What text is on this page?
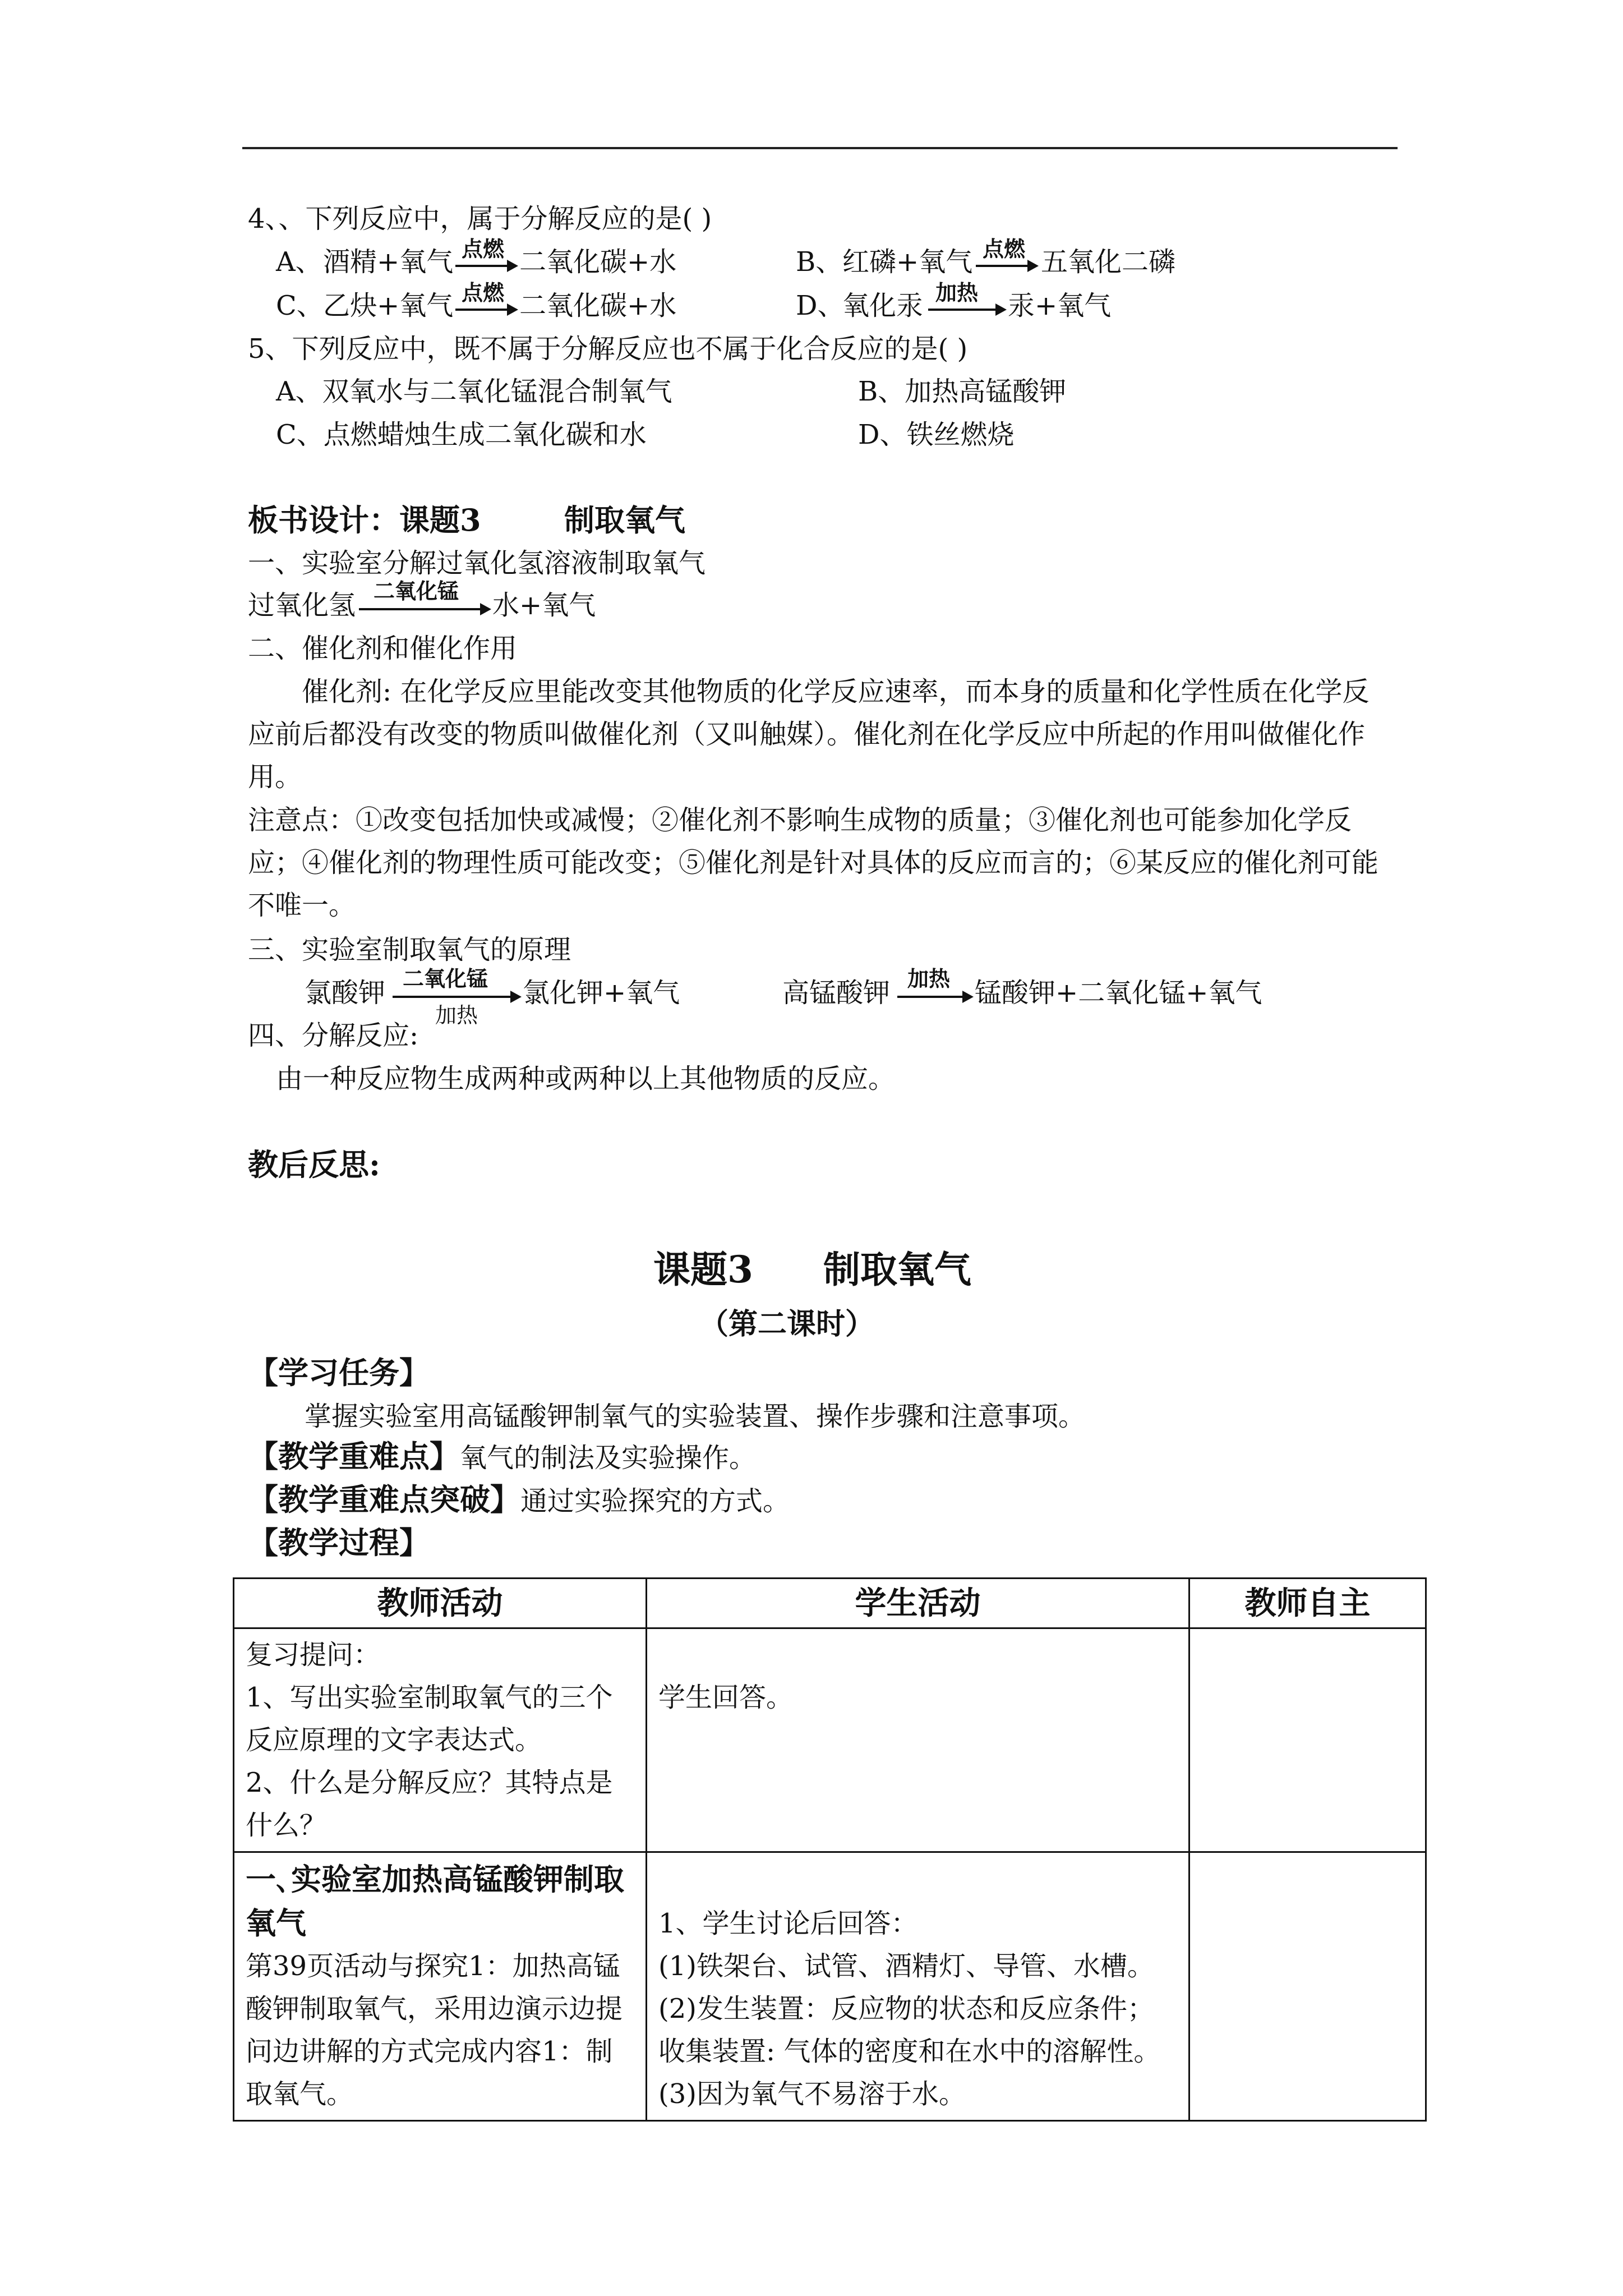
4、、下列反应中，属于分解反应的是( )
A、 酒精+氧气 点燃 二氧化碳+水	B、 红磷+氧气 点燃 五氧化二磷
C、 乙炔+氧气 点燃 二氧化碳+水	D、
氧化汞 加热 汞+氧气
5、下列反应中，既不属于分解反应也不属于化合反应的是( )
A、双氧水与二氧化锰混合制氧气	B、加热高锰酸钾
C、点燃蜡烛生成二氧化碳和水	D、铁丝燃烧
板书设计：课题3	制取氧气
一、实验室分解过氧化氢溶液制取氧气
过氧化氢 二氧化锰 水+氧气
二、催化剂和催化作用
催化剂: 在化学反应里能改变其他物质的化学反应速率，而本身的质量和化学性质在化学反应前后都没有改变的物质叫做催化剂（又叫触媒）。催化剂在化学反应中所起的作用叫做催化作用。
注意点：①改变包括加快或减慢；②催化剂不影响生成物的质量；③催化剂也可能参加化学反应；④催化剂的物理性质可能改变；⑤催化剂是针对具体的反应而言的；⑥某反应的催化剂可能不唯一。
三、实验室制取氧气的原理
氯酸钾 二氧化锰
加热
氯化钾+氧气	高锰酸钾 加热 锰酸钾+二氧化锰+氧气
四、分解反应:
由一种反应物生成两种或两种以上其他物质的反应。
教后反思:
课题3 制取氧气
（第二课时）
【学习任务】
掌握实验室用高锰酸钾制氧气的实验装置、操作步骤和注意事项。
【教学重难点】氧气的制法及实验操作。
【教学重难点突破】通过实验探究的方式。
【教学过程】
教师活动	学生活动	教师自主

复习提问：
1、写出实验室制取氧气的三个反应原理的文字表达式。
2、什么是分解反应？其特点是什么？	学生回答。	

一､实验室加热高锰酸钾制取氧气
第39页活动与探究1：加热高锰酸钾制取氧气，采用边演示边提问边讲解的方式完成内容1：制取氧气。	1、学生讨论后回答：
(1)铁架台、试管、酒精灯、导管、水槽。
(2)发生装置：反应物的状态和反应条件；
收集装置: 气体的密度和在水中的溶解性。
(3)因为氧气不易溶于水。	
